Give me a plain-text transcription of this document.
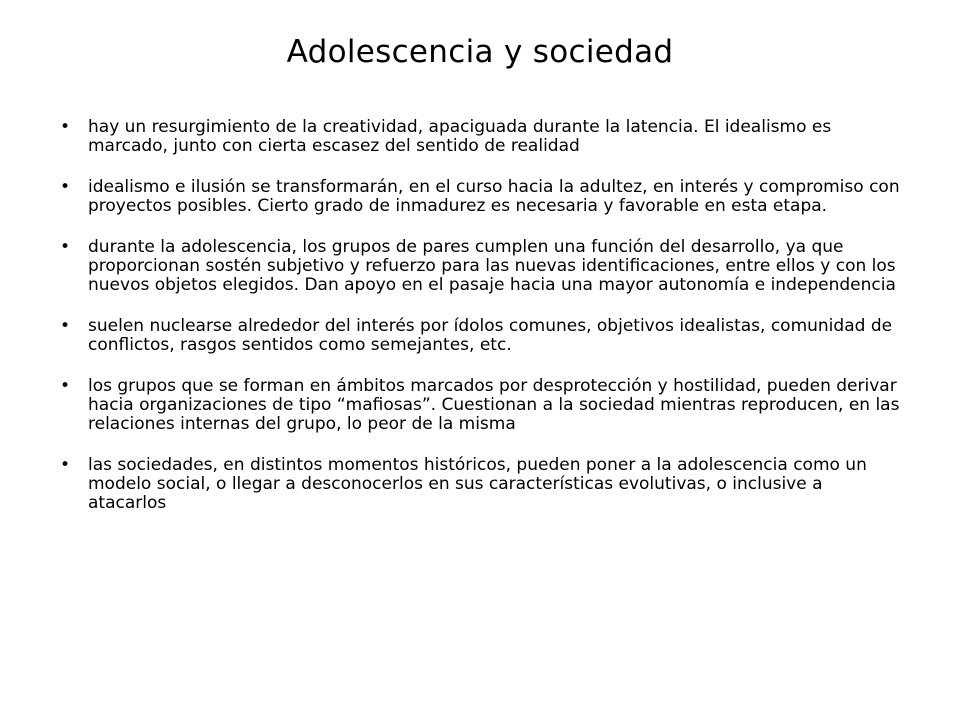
Adolescencia y sociedad
• hay un resurgimiento de la creatividad, apaciguada durante la latencia. El idealismo es marcado, junto con cierta escasez del sentido de realidad
• idealismo e ilusión se transformarán, en el curso hacia la adultez, en interés y compromiso con proyectos posibles. Cierto grado de inmadurez es necesaria y favorable en esta etapa.
• durante la adolescencia, los grupos de pares cumplen una función del desarrollo, ya que proporcionan sostén subjetivo y refuerzo para las nuevas identificaciones, entre ellos y con los nuevos objetos elegidos. Dan apoyo en el pasaje hacia una mayor autonomía e independencia
• suelen nuclearse alrededor del interés por ídolos comunes, objetivos idealistas, comunidad de conflictos, rasgos sentidos como semejantes, etc.
• los grupos que se forman en ámbitos marcados por desprotección y hostilidad, pueden derivar hacia organizaciones de tipo “mafiosas”. Cuestionan a la sociedad mientras reproducen, en las relaciones internas del grupo, lo peor de la misma
• las sociedades, en distintos momentos históricos, pueden poner a la adolescencia como un modelo social, o llegar a desconocerlos en sus características evolutivas, o inclusive a atacarlos
